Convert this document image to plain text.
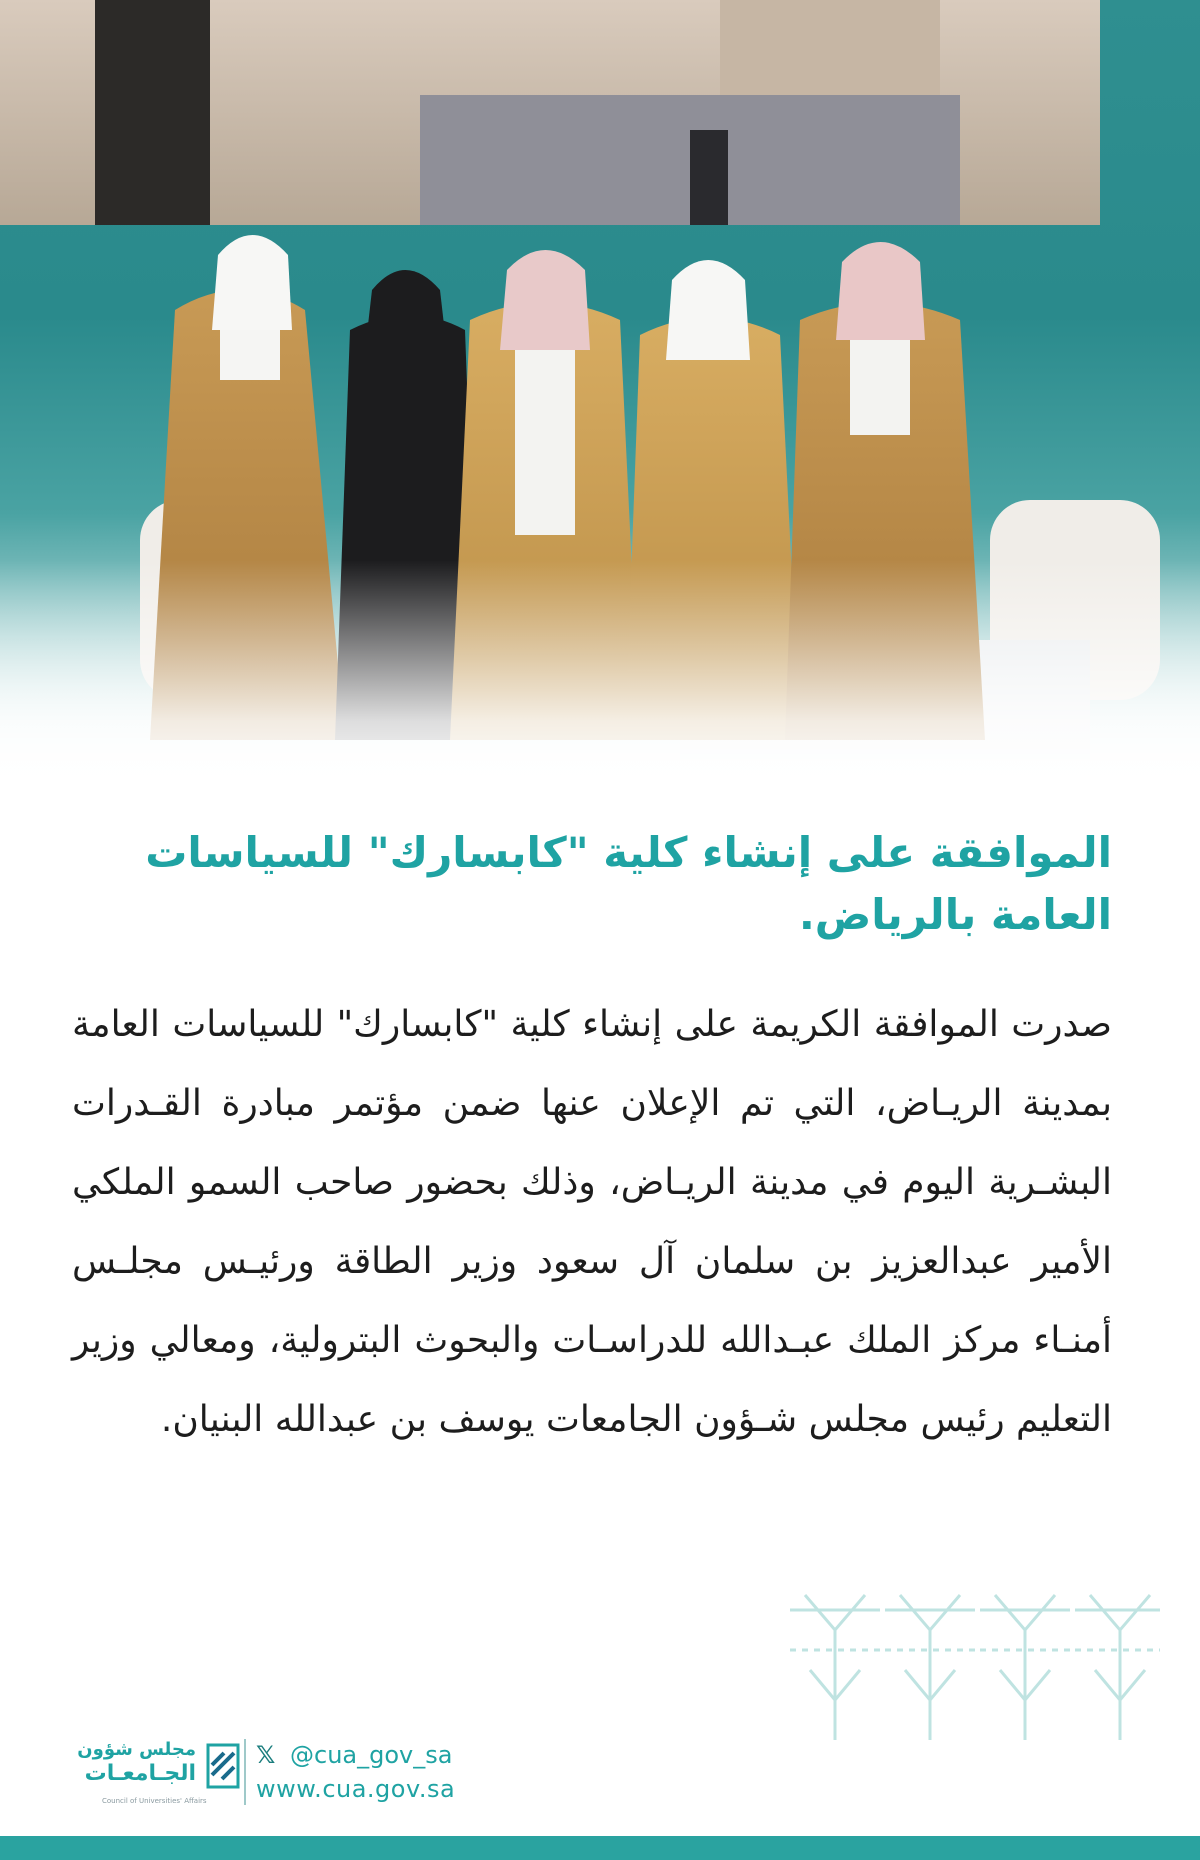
الموافقة على إنشاء كلية "كابسارك" للسياسات العامة بالرياض.

صدرت الموافقة الكريمة على إنشاء كلية "كابسارك" للسياسات العامة بمدينة الريـاض، التي تم الإعلان عنها ضمن مؤتمر مبادرة القـدرات البشـرية اليوم في مدينة الريـاض، وذلك بحضور صاحب السمو الملكي الأمير عبدالعزيز بن سلمان آل سعود وزير الطاقة ورئيـس مجلـس أمنـاء مركز الملك عبـدالله للدراسـات والبحوث البترولية، ومعالي وزير التعليم رئيس مجلس شـؤون الجامعات يوسف بن عبدالله البنيان.

مجلس شؤون
الجـامعـات
Council of Universities' Affairs
𝕏 @cua_gov_sa
www.cua.gov.sa
